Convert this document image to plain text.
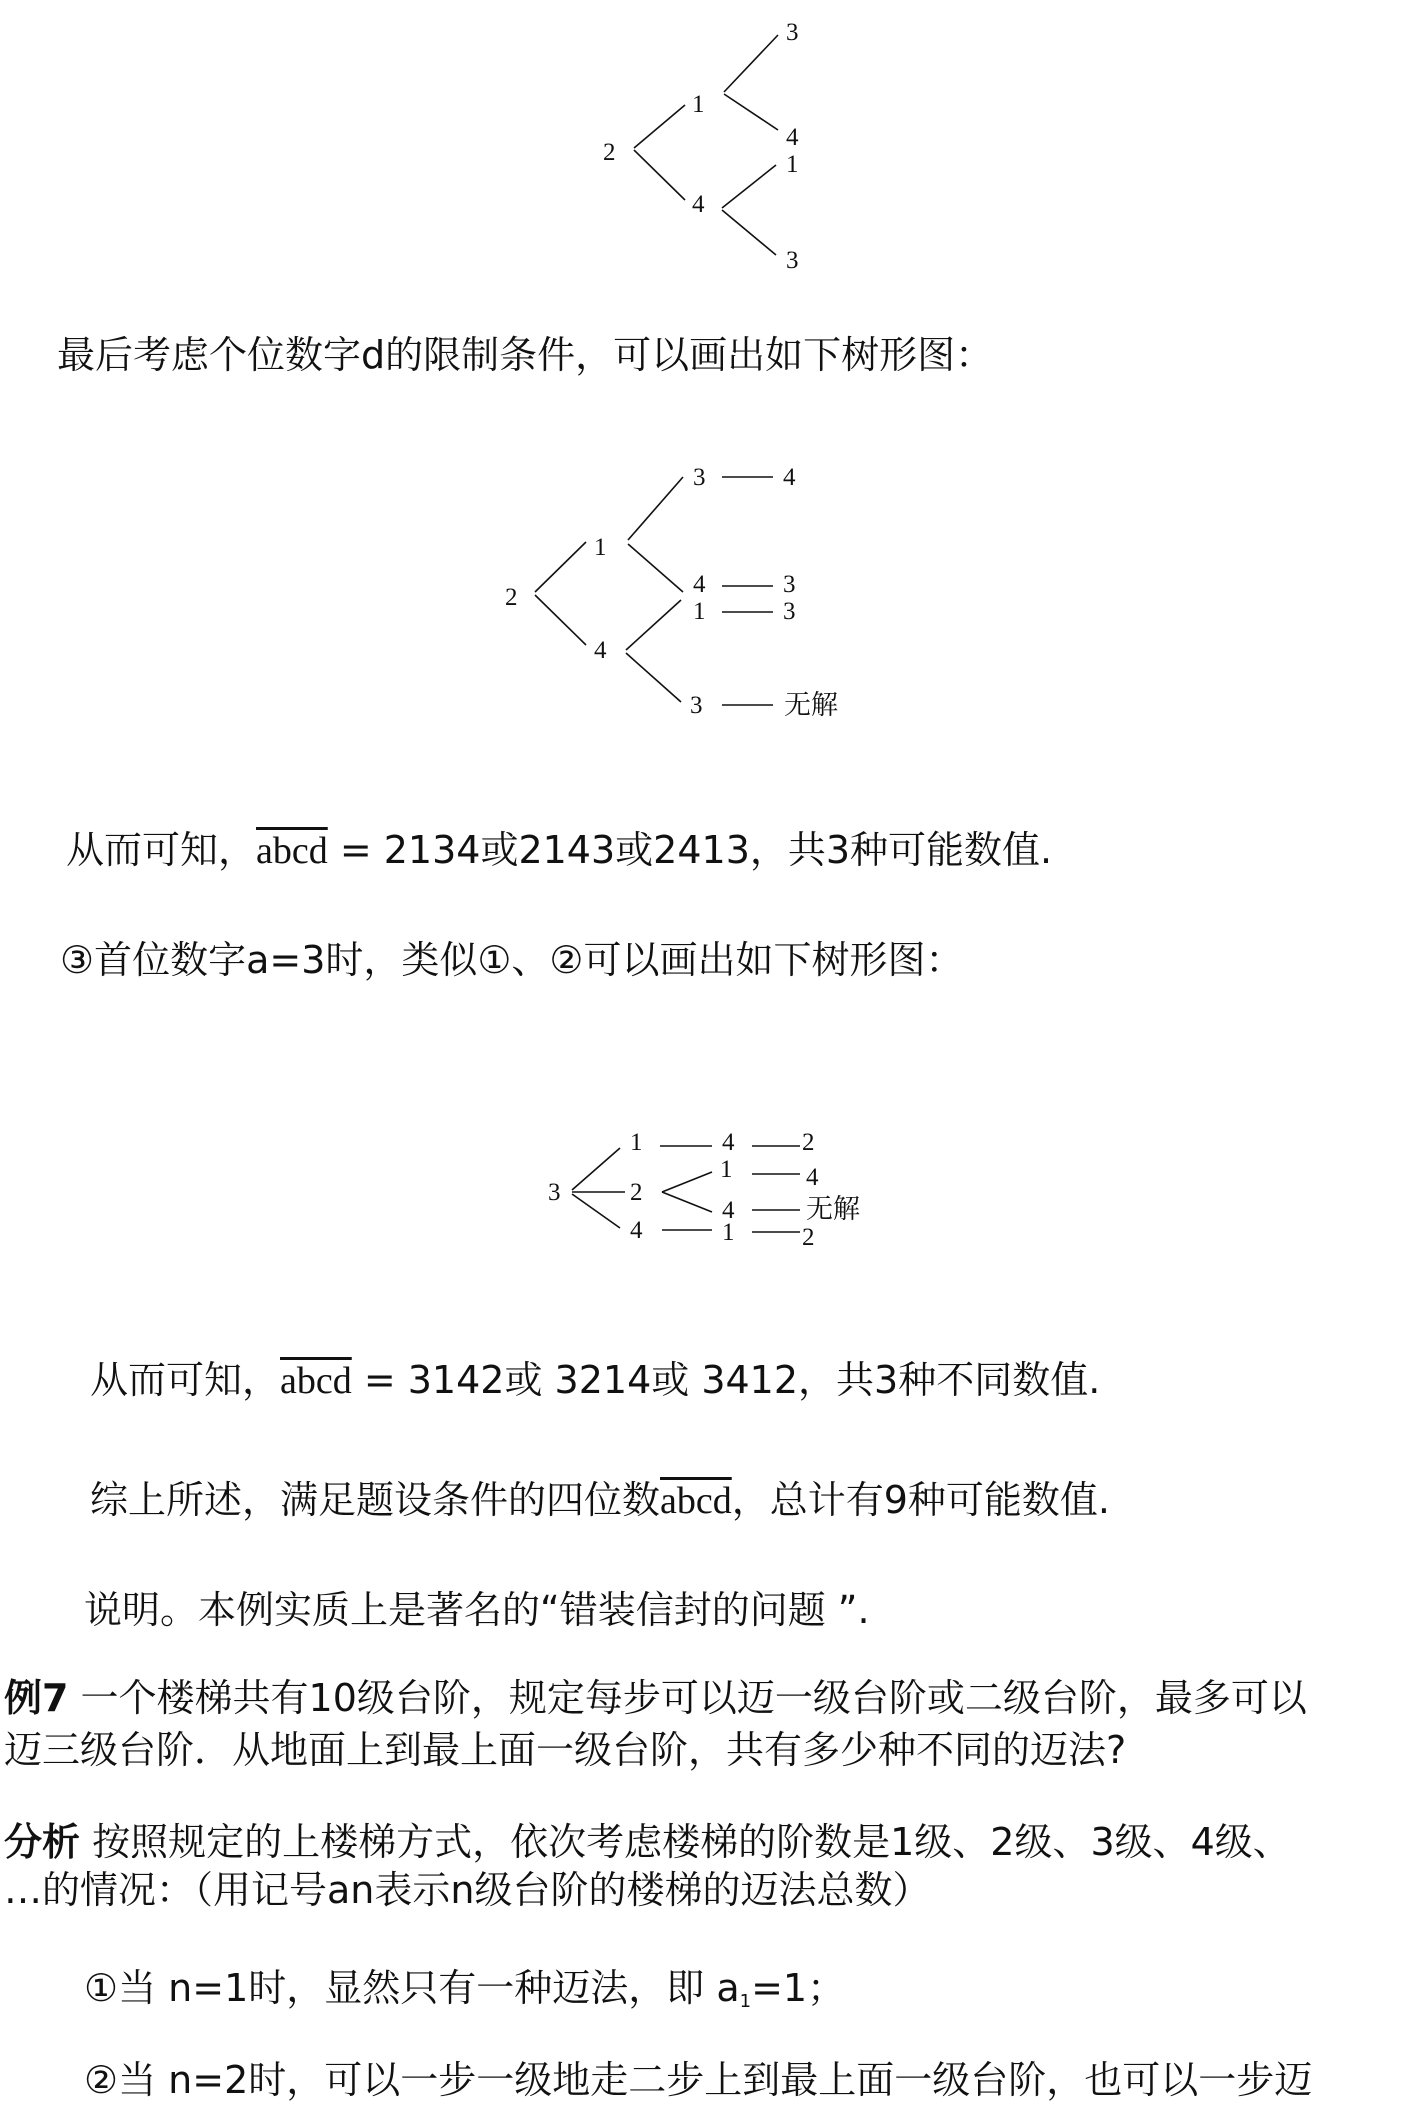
2
1
4
3
4
1
3
最后考虑个位数字d的限制条件，可以画出如下树形图：
2
1
4
3	4
4	3
1	3
3	无解
从而可知，abcd = 2134或2143或2413，共3种可能数值.
③首位数字a=3时，类似①、②可以画出如下树形图：
3
1	4	2
2
1	4
4	无解
4	1	2
从而可知，abcd = 3142或 3214或 3412，共3种不同数值.
综上所述，满足题设条件的四位数abcd，总计有9种可能数值.
说明。本例实质上是著名的“错装信封的问题 ”.
例7 一个楼梯共有10级台阶，规定每步可以迈一级台阶或二级台阶，最多可以
迈三级台阶．从地面上到最上面一级台阶，共有多少种不同的迈法?
分析 按照规定的上楼梯方式，依次考虑楼梯的阶数是1级、2级、3级、4级、
…的情况：（用记号an表示n级台阶的楼梯的迈法总数）
①当 n=1时，显然只有一种迈法，即 $a_1=1$；
②当 n=2时，可以一步一级地走二步上到最上面一级台阶，也可以一步迈
